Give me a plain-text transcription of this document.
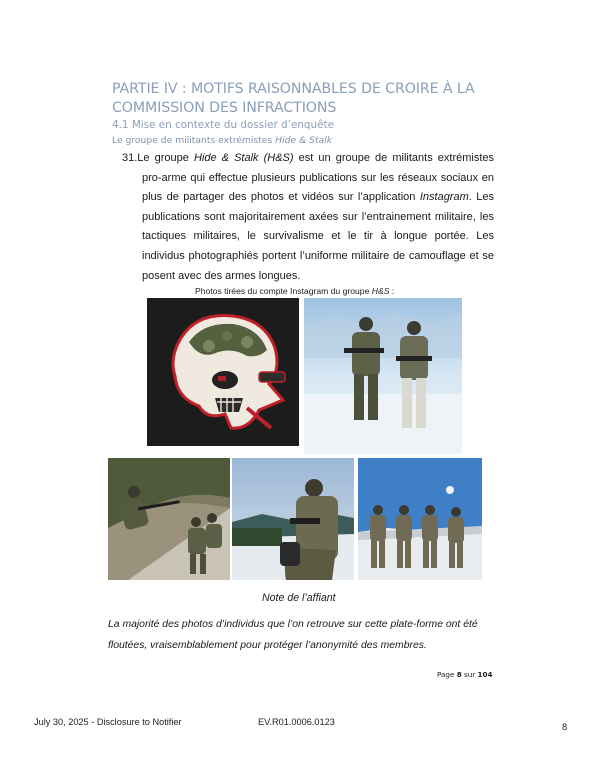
PARTIE IV : MOTIFS RAISONNABLES DE CROIRE À LA COMMISSION DES INFRACTIONS
4.1 Mise en contexte du dossier d’enquête
Le groupe de militants extrémistes Hide & Stalk
31.Le groupe Hide & Stalk (H&S) est un groupe de militants extrémistes pro-arme qui effectue plusieurs publications sur les réseaux sociaux en plus de partager des photos et vidéos sur l’application Instagram. Les publications sont majoritairement axées sur l’entrainement militaire, les tactiques militaires, le survivalisme et le tir à longue portée. Les individus photographiés portent l’uniforme militaire de camouflage et se posent avec des armes longues.
Photos tirées du compte Instagram du groupe H&S :
Note de l’affiant
La majorité des photos d’individus que l’on retrouve sur cette plate-forme ont été floutées, vraisemblablement pour protéger l’anonymité des membres.
Page 8 sur 104
July 30, 2025 - Disclosure to Notifier	EV.R01.0006.0123	8
